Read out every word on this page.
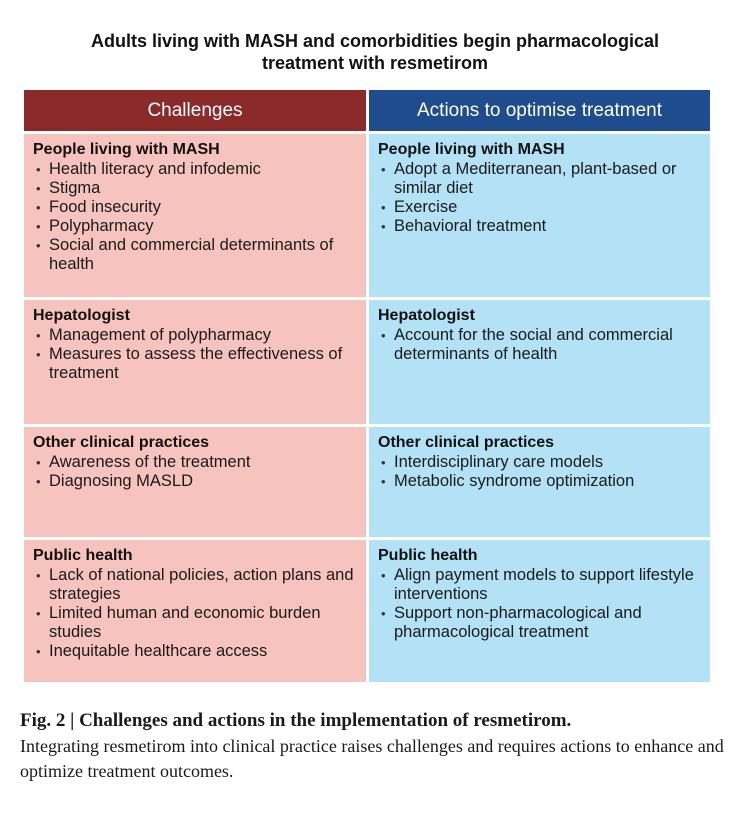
Adults living with MASH and comorbidities begin pharmacological
treatment with resmetirom
Challenges	Actions to optimise treatment
People living with MASH
• Health literacy and infodemic
• Stigma
• Food insecurity
• Polypharmacy
• Social and commercial determinants of health
People living with MASH
• Adopt a Mediterranean, plant-based or similar diet
• Exercise
• Behavioral treatment
Hepatologist
• Management of polypharmacy
• Measures to assess the effectiveness of treatment
Hepatologist
• Account for the social and commercial determinants of health
Other clinical practices
• Awareness of the treatment
• Diagnosing MASLD
Other clinical practices
• Interdisciplinary care models
• Metabolic syndrome optimization
Public health
• Lack of national policies, action plans and strategies
• Limited human and economic burden studies
• Inequitable healthcare access
Public health
• Align payment models to support lifestyle interventions
• Support non-pharmacological and pharmacological treatment
Fig. 2 | Challenges and actions in the implementation of resmetirom.
Integrating resmetirom into clinical practice raises challenges and requires actions to enhance and optimize treatment outcomes.
